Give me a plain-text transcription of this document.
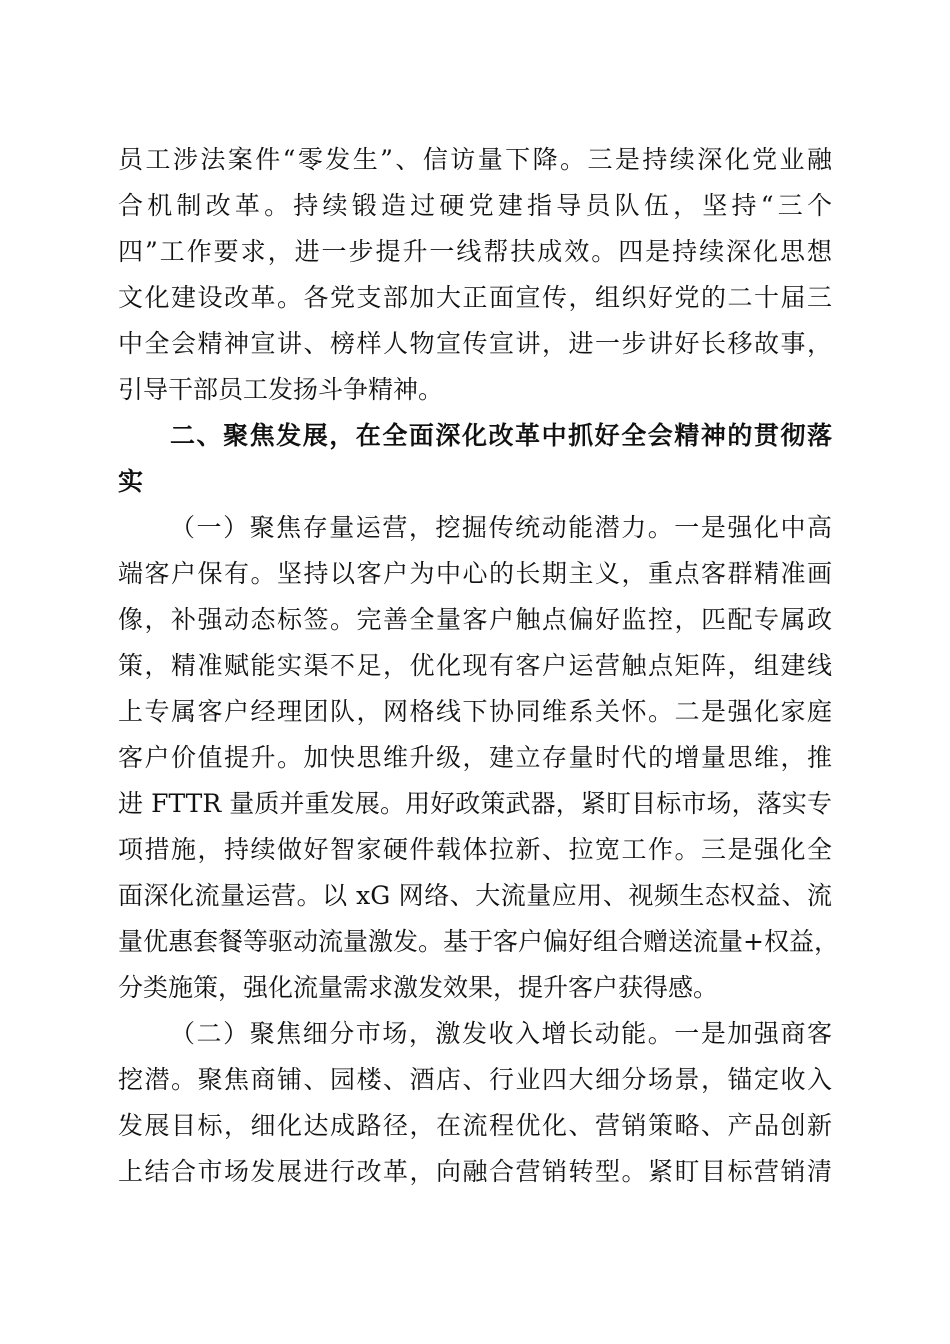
员工涉法案件“零发生”、信访量下降。三是持续深化党业融
合机制改革。持续锻造过硬党建指导员队伍，坚持“三个
四”工作要求，进一步提升一线帮扶成效。四是持续深化思想
文化建设改革。各党支部加大正面宣传，组织好党的二十届三
中全会精神宣讲、榜样人物宣传宣讲，进一步讲好长移故事，
引导干部员工发扬斗争精神。
二、聚焦发展，在全面深化改革中抓好全会精神的贯彻落
实
（一）聚焦存量运营，挖掘传统动能潜力。一是强化中高
端客户保有。坚持以客户为中心的长期主义，重点客群精准画
像，补强动态标签。完善全量客户触点偏好监控，匹配专属政
策，精准赋能实渠不足，优化现有客户运营触点矩阵，组建线
上专属客户经理团队，网格线下协同维系关怀。二是强化家庭
客户价值提升。加快思维升级，建立存量时代的增量思维，推
进 FTTR 量质并重发展。用好政策武器，紧盯目标市场，落实专
项措施，持续做好智家硬件载体拉新、拉宽工作。三是强化全
面深化流量运营。以 xG 网络、大流量应用、视频生态权益、流
量优惠套餐等驱动流量激发。基于客户偏好组合赠送流量+权益，
分类施策，强化流量需求激发效果，提升客户获得感。
（二）聚焦细分市场，激发收入增长动能。一是加强商客
挖潜。聚焦商铺、园楼、酒店、行业四大细分场景，锚定收入
发展目标，细化达成路径，在流程优化、营销策略、产品创新
上结合市场发展进行改革，向融合营销转型。紧盯目标营销清
